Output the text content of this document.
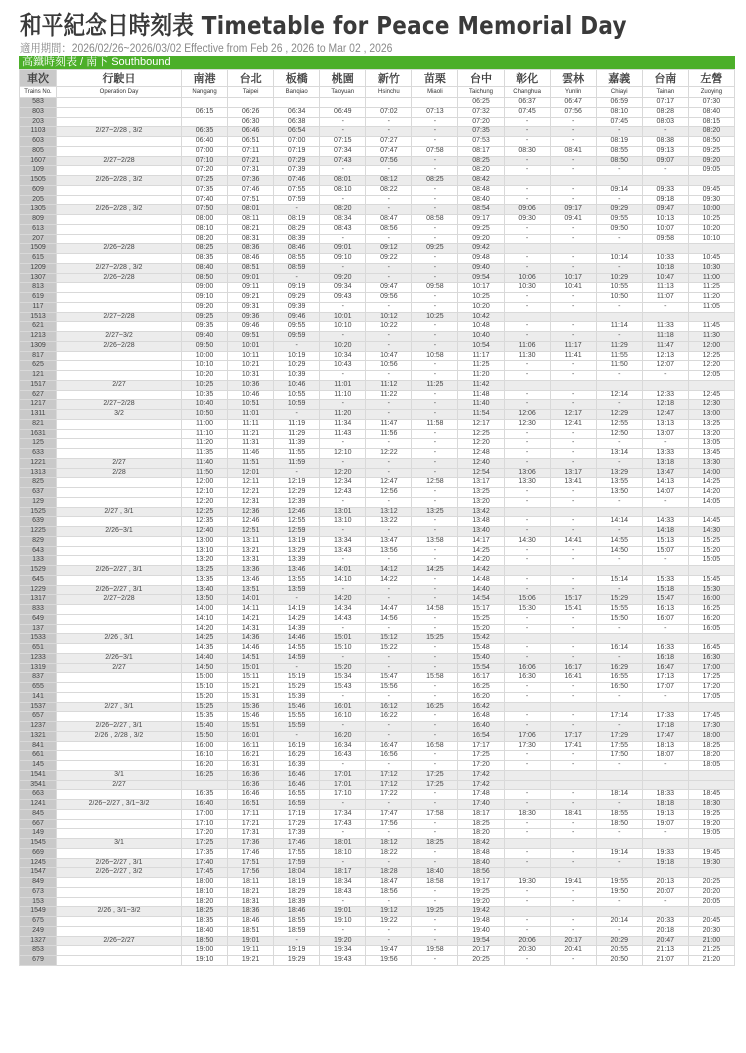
和平紀念日時刻表 Timetable for Peace Memorial Day
適用期間：2026/02/26~2026/03/02 Effective from Feb 26 , 2026 to Mar 02 , 2026
高鐵時刻表 / 南下 Southbound
車次	行駛日	南港	台北	板橋	桃園	新竹	苗栗	台中	彰化	雲林	嘉義	台南	左營
Trains No.	Operation Day	Nangang	Taipei	Banqiao	Taoyuan	Hsinchu	Miaoli	Taichung	Changhua	Yunlin	Chiayi	Tainan	Zuoying
583								06:25	06:37	06:47	06:59	07:17	07:30
803		06:15	06:26	06:34	06:49	07:02	07:13	07:32	07:45	07:56	08:10	08:28	08:40
203			06:30	06:38	-	-	-	07:20	-	-	07:45	08:03	08:15
1103	2/27~2/28 , 3/2	06:35	06:46	06:54	-	-	-	07:35	-	-	-	-	08:20
603		06:40	06:51	07:00	07:15	07:27	-	07:53	-	-	08:19	08:38	08:50
805		07:00	07:11	07:19	07:34	07:47	07:58	08:17	08:30	08:41	08:55	09:13	09:25
1607	2/27~2/28	07:10	07:21	07:29	07:43	07:56	-	08:25	-	-	08:50	09:07	09:20
109		07:20	07:31	07:39	-	-	-	08:20	-	-	-	-	09:05
1505	2/26~2/28 , 3/2	07:25	07:36	07:46	08:01	08:12	08:25	08:42					
609		07:35	07:46	07:55	08:10	08:22	-	08:48	-	-	09:14	09:33	09:45
205		07:40	07:51	07:59	-	-	-	08:40	-	-	-	09:18	09:30
1305	2/26~2/28 , 3/2	07:50	08:01	-	08:20	-	-	08:54	09:06	09:17	09:29	09:47	10:00
809		08:00	08:11	08:19	08:34	08:47	08:58	09:17	09:30	09:41	09:55	10:13	10:25
613		08:10	08:21	08:29	08:43	08:56	-	09:25	-	-	09:50	10:07	10:20
207		08:20	08:31	08:39	-	-	-	09:20	-	-	-	09:58	10:10
1509	2/26~2/28	08:25	08:36	08:46	09:01	09:12	09:25	09:42					
615		08:35	08:46	08:55	09:10	09:22	-	09:48	-	-	10:14	10:33	10:45
1209	2/27~2/28 , 3/2	08:40	08:51	08:59	-	-	-	09:40	-	-	-	10:18	10:30
1307	2/26~2/28	08:50	09:01	-	09:20	-	-	09:54	10:06	10:17	10:29	10:47	11:00
813		09:00	09:11	09:19	09:34	09:47	09:58	10:17	10:30	10:41	10:55	11:13	11:25
619		09:10	09:21	09:29	09:43	09:56	-	10:25	-	-	10:50	11:07	11:20
117		09:20	09:31	09:39	-	-	-	10:20	-	-	-	-	11:05
1513	2/27~2/28	09:25	09:36	09:46	10:01	10:12	10:25	10:42					
621		09:35	09:46	09:55	10:10	10:22	-	10:48	-	-	11:14	11:33	11:45
1213	2/27~3/2	09:40	09:51	09:59	-	-	-	10:40	-	-	-	11:18	11:30
1309	2/26~2/28	09:50	10:01	-	10:20	-	-	10:54	11:06	11:17	11:29	11:47	12:00
817		10:00	10:11	10:19	10:34	10:47	10:58	11:17	11:30	11:41	11:55	12:13	12:25
625		10:10	10:21	10:29	10:43	10:56	-	11:25	-	-	11:50	12:07	12:20
121		10:20	10:31	10:39	-	-	-	11:20	-	-	-	-	12:05
1517	2/27	10:25	10:36	10:46	11:01	11:12	11:25	11:42					
627		10:35	10:46	10:55	11:10	11:22	-	11:48	-	-	12:14	12:33	12:45
1217	2/27~2/28	10:40	10:51	10:59	-	-	-	11:40	-	-	-	12:18	12:30
1311	3/2	10:50	11:01	-	11:20	-	-	11:54	12:06	12:17	12:29	12:47	13:00
821		11:00	11:11	11:19	11:34	11:47	11:58	12:17	12:30	12:41	12:55	13:13	13:25
1631		11:10	11:21	11:29	11:43	11:56	-	12:25	-	-	12:50	13:07	13:20
125		11:20	11:31	11:39	-	-	-	12:20	-	-	-	-	13:05
633		11:35	11:46	11:55	12:10	12:22	-	12:48	-	-	13:14	13:33	13:45
1221	2/27	11:40	11:51	11:59	-	-	-	12:40	-	-	-	13:18	13:30
1313	2/28	11:50	12:01	-	12:20	-	-	12:54	13:06	13:17	13:29	13:47	14:00
825		12:00	12:11	12:19	12:34	12:47	12:58	13:17	13:30	13:41	13:55	14:13	14:25
637		12:10	12:21	12:29	12:43	12:56	-	13:25	-	-	13:50	14:07	14:20
129		12:20	12:31	12:39	-	-	-	13:20	-	-	-	-	14:05
1525	2/27 , 3/1	12:25	12:36	12:46	13:01	13:12	13:25	13:42					
639		12:35	12:46	12:55	13:10	13:22	-	13:48	-	-	14:14	14:33	14:45
1225	2/26~3/1	12:40	12:51	12:59	-	-	-	13:40	-	-	-	14:18	14:30
829		13:00	13:11	13:19	13:34	13:47	13:58	14:17	14:30	14:41	14:55	15:13	15:25
643		13:10	13:21	13:29	13:43	13:56	-	14:25	-	-	14:50	15:07	15:20
133		13:20	13:31	13:39	-	-	-	14:20	-	-	-	-	15:05
1529	2/26~2/27 , 3/1	13:25	13:36	13:46	14:01	14:12	14:25	14:42					
645		13:35	13:46	13:55	14:10	14:22	-	14:48	-	-	15:14	15:33	15:45
1229	2/26~2/27 , 3/1	13:40	13:51	13:59	-	-	-	14:40	-	-	-	15:18	15:30
1317	2/27~2/28	13:50	14:01	-	14:20	-	-	14:54	15:06	15:17	15:29	15:47	16:00
833		14:00	14:11	14:19	14:34	14:47	14:58	15:17	15:30	15:41	15:55	16:13	16:25
649		14:10	14:21	14:29	14:43	14:56	-	15:25	-	-	15:50	16:07	16:20
137		14:20	14:31	14:39	-	-	-	15:20	-	-	-	-	16:05
1533	2/26 , 3/1	14:25	14:36	14:46	15:01	15:12	15:25	15:42					
651		14:35	14:46	14:55	15:10	15:22	-	15:48	-	-	16:14	16:33	16:45
1233	2/26~3/1	14:40	14:51	14:59	-	-	-	15:40	-	-	-	16:18	16:30
1319	2/27	14:50	15:01	-	15:20	-	-	15:54	16:06	16:17	16:29	16:47	17:00
837		15:00	15:11	15:19	15:34	15:47	15:58	16:17	16:30	16:41	16:55	17:13	17:25
655		15:10	15:21	15:29	15:43	15:56	-	16:25	-	-	16:50	17:07	17:20
141		15:20	15:31	15:39	-	-	-	16:20	-	-	-	-	17:05
1537	2/27 , 3/1	15:25	15:36	15:46	16:01	16:12	16:25	16:42					
657		15:35	15:46	15:55	16:10	16:22	-	16:48	-	-	17:14	17:33	17:45
1237	2/26~2/27 , 3/1	15:40	15:51	15:59	-	-	-	16:40	-	-	-	17:18	17:30
1321	2/26 , 2/28 , 3/2	15:50	16:01	-	16:20	-	-	16:54	17:06	17:17	17:29	17:47	18:00
841		16:00	16:11	16:19	16:34	16:47	16:58	17:17	17:30	17:41	17:55	18:13	18:25
661		16:10	16:21	16:29	16:43	16:56	-	17:25	-	-	17:50	18:07	18:20
145		16:20	16:31	16:39	-	-	-	17:20	-	-	-	-	18:05
1541	3/1	16:25	16:36	16:46	17:01	17:12	17:25	17:42					
3541	2/27		16:36	16:46	17:01	17:12	17:25	17:42					
663		16:35	16:46	16:55	17:10	17:22	-	17:48	-	-	18:14	18:33	18:45
1241	2/26~2/27 , 3/1~3/2	16:40	16:51	16:59	-	-	-	17:40	-	-	-	18:18	18:30
845		17:00	17:11	17:19	17:34	17:47	17:58	18:17	18:30	18:41	18:55	19:13	19:25
667		17:10	17:21	17:29	17:43	17:56	-	18:25	-	-	18:50	19:07	19:20
149		17:20	17:31	17:39	-	-	-	18:20	-	-	-	-	19:05
1545	3/1	17:25	17:36	17:46	18:01	18:12	18:25	18:42					
669		17:35	17:46	17:55	18:10	18:22	-	18:48	-	-	19:14	19:33	19:45
1245	2/26~2/27 , 3/1	17:40	17:51	17:59	-	-	-	18:40	-	-	-	19:18	19:30
1547	2/26~2/27 , 3/2	17:45	17:56	18:04	18:17	18:28	18:40	18:56					
849		18:00	18:11	18:19	18:34	18:47	18:58	19:17	19:30	19:41	19:55	20:13	20:25
673		18:10	18:21	18:29	18:43	18:56	-	19:25	-	-	19:50	20:07	20:20
153		18:20	18:31	18:39	-	-	-	19:20	-	-	-	-	20:05
1549	2/26 , 3/1~3/2	18:25	18:36	18:46	19:01	19:12	19:25	19:42					
675		18:35	18:46	18:55	19:10	19:22	-	19:48	-	-	20:14	20:33	20:45
249		18:40	18:51	18:59	-	-	-	19:40	-	-	-	20:18	20:30
1327	2/26~2/27	18:50	19:01	-	19:20	-	-	19:54	20:06	20:17	20:29	20:47	21:00
853		19:00	19:11	19:19	19:34	19:47	19:58	20:17	20:30	20:41	20:55	21:13	21:25
679		19:10	19:21	19:29	19:43	19:56	-	20:25	-	-	20:50	21:07	21:20
